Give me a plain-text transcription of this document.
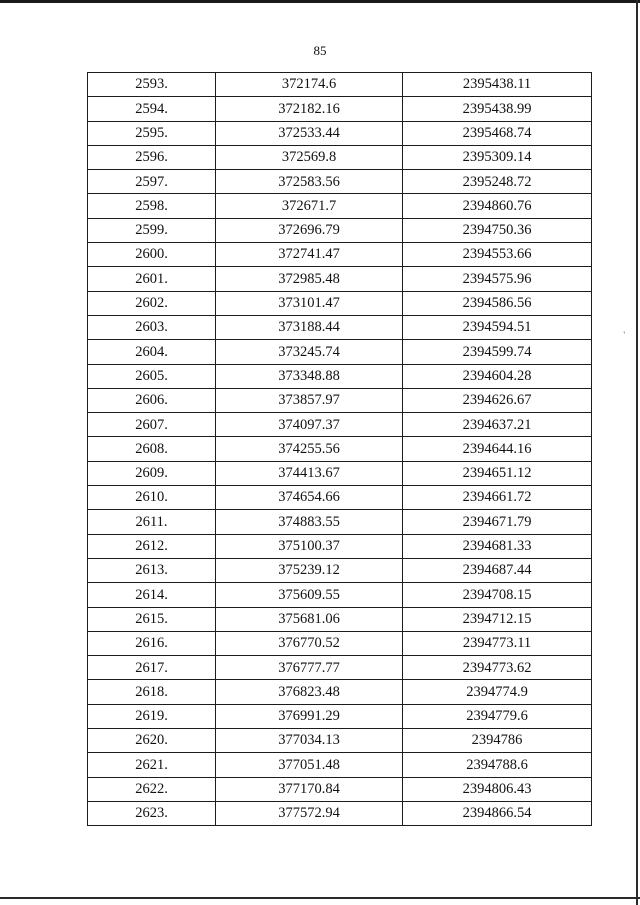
85
'
2593.	372174.6	2395438.11
2594.	372182.16	2395438.99
2595.	372533.44	2395468.74
2596.	372569.8	2395309.14
2597.	372583.56	2395248.72
2598.	372671.7	2394860.76
2599.	372696.79	2394750.36
2600.	372741.47	2394553.66
2601.	372985.48	2394575.96
2602.	373101.47	2394586.56
2603.	373188.44	2394594.51
2604.	373245.74	2394599.74
2605.	373348.88	2394604.28
2606.	373857.97	2394626.67
2607.	374097.37	2394637.21
2608.	374255.56	2394644.16
2609.	374413.67	2394651.12
2610.	374654.66	2394661.72
2611.	374883.55	2394671.79
2612.	375100.37	2394681.33
2613.	375239.12	2394687.44
2614.	375609.55	2394708.15
2615.	375681.06	2394712.15
2616.	376770.52	2394773.11
2617.	376777.77	2394773.62
2618.	376823.48	2394774.9
2619.	376991.29	2394779.6
2620.	377034.13	2394786
2621.	377051.48	2394788.6
2622.	377170.84	2394806.43
2623.	377572.94	2394866.54
